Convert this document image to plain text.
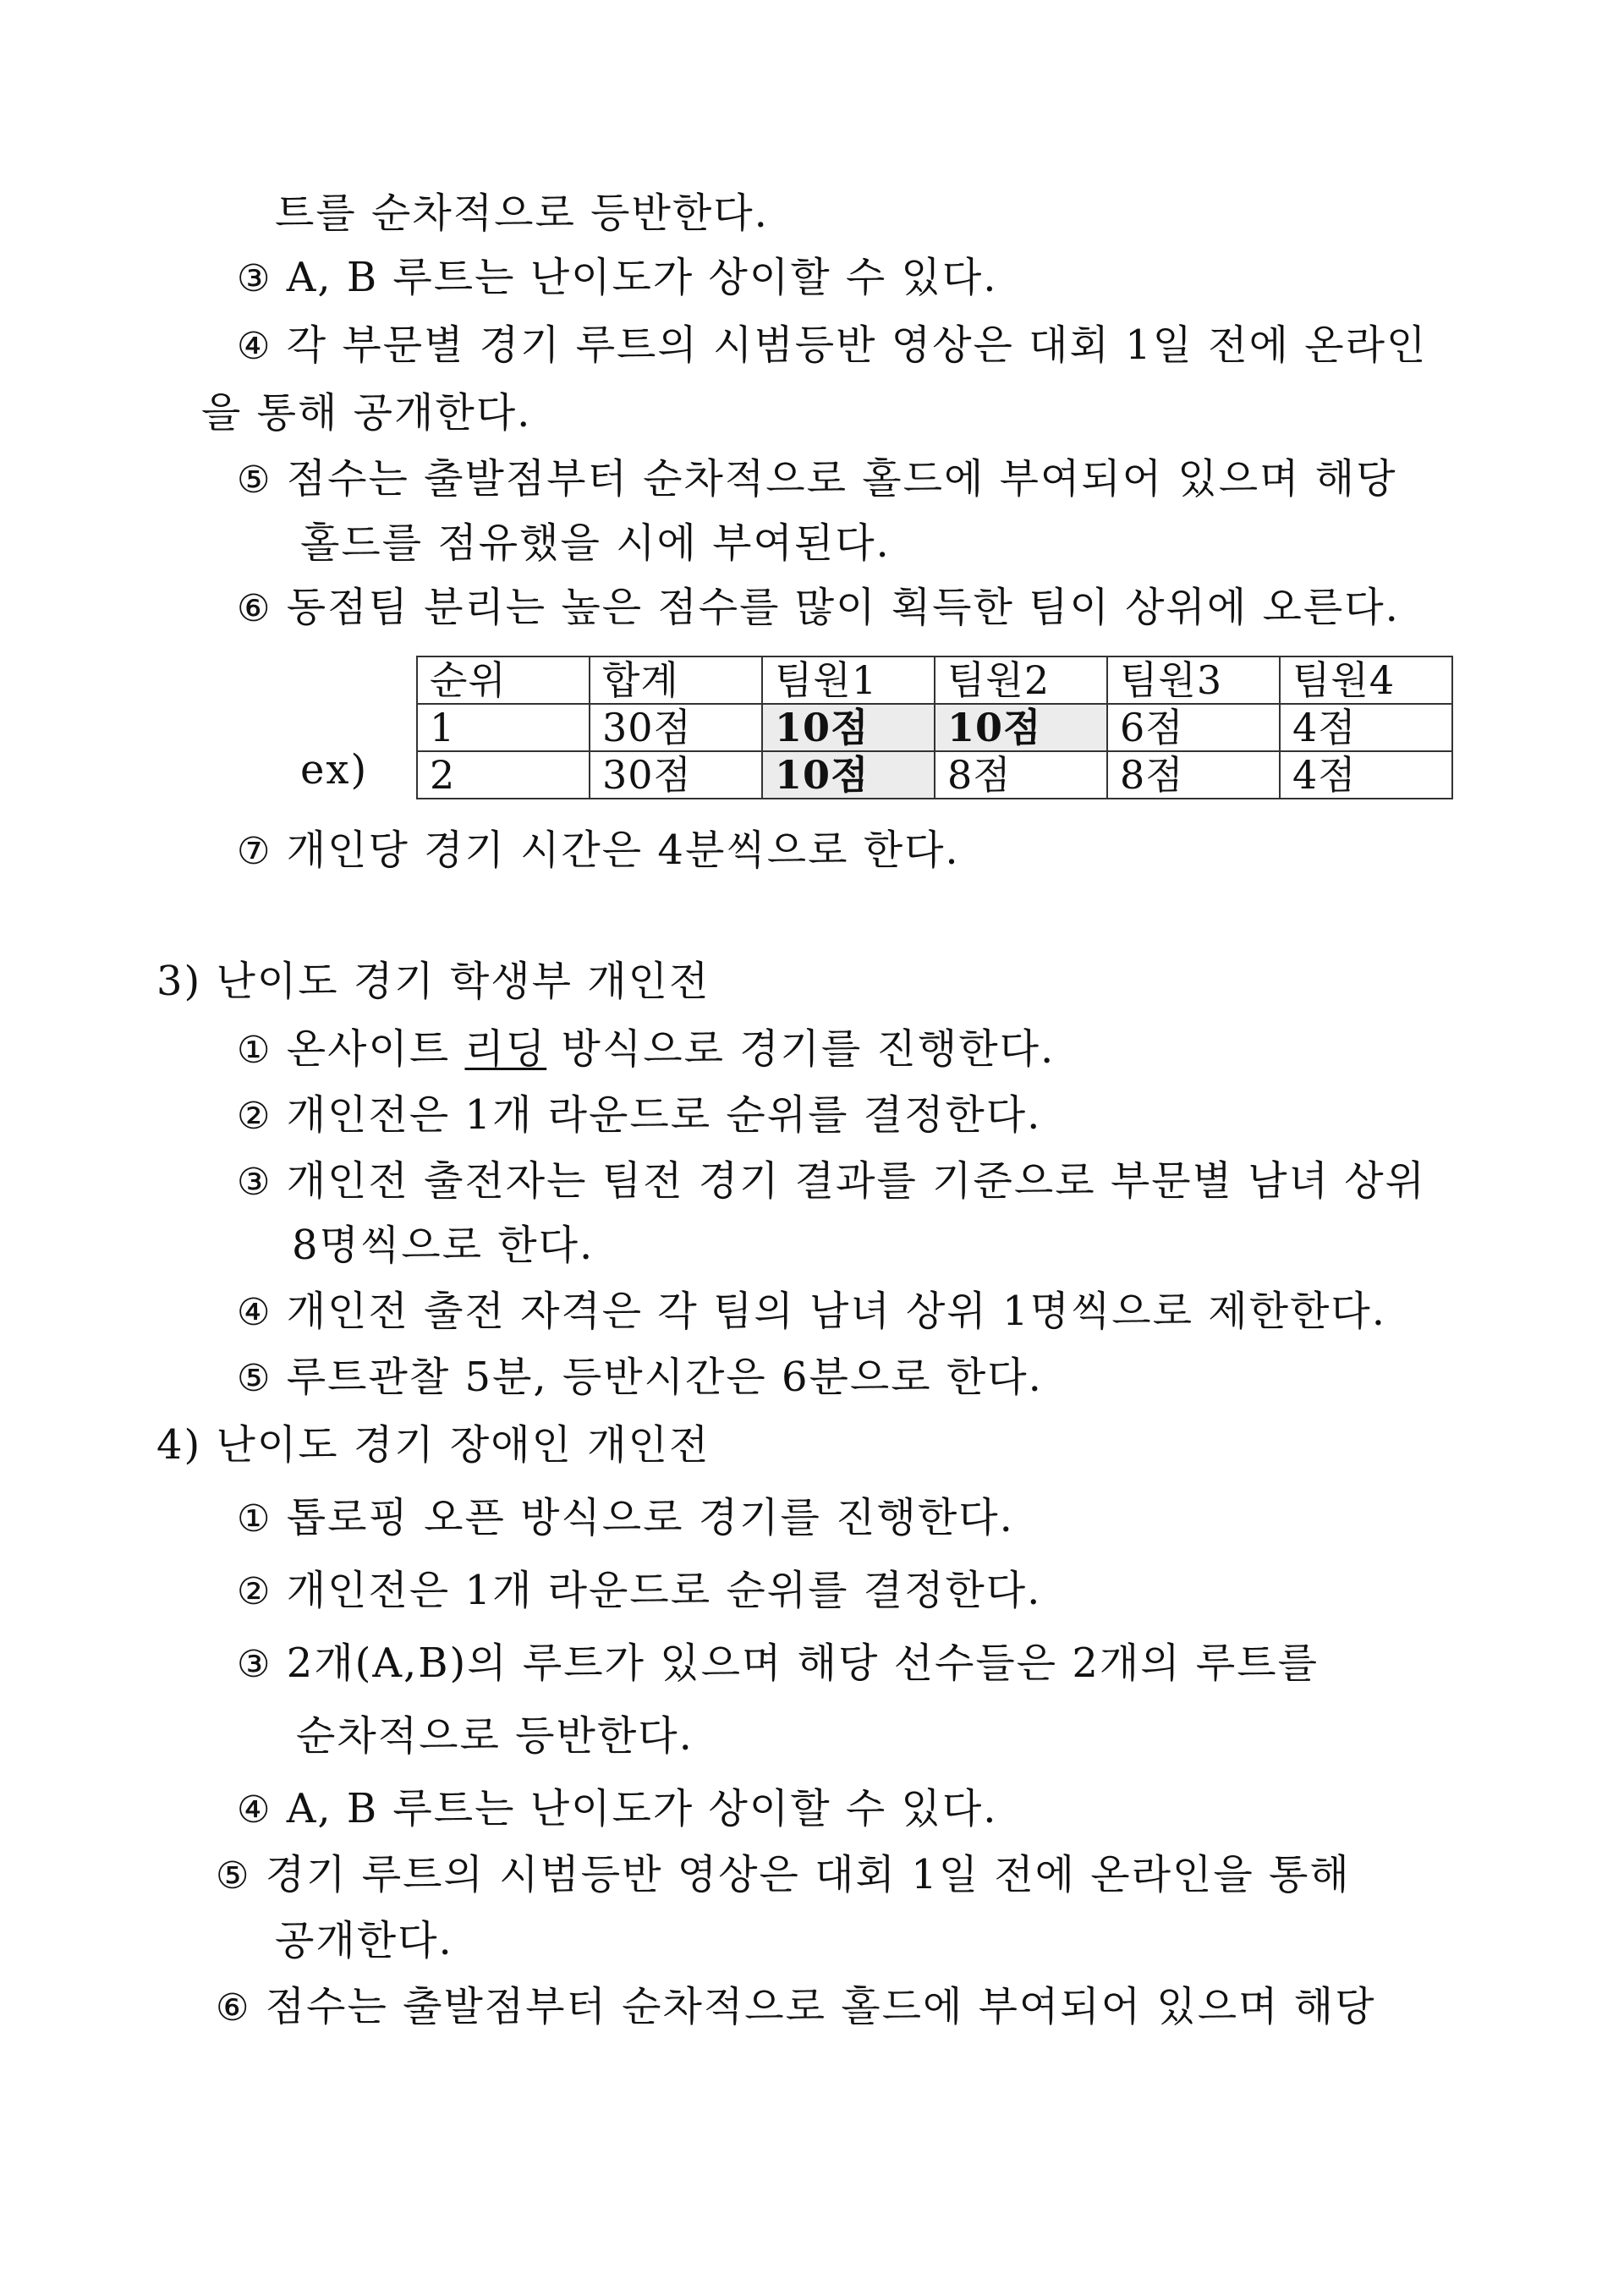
트를 순차적으로 등반한다.
③ A, B 루트는 난이도가 상이할 수 있다.
④ 각 부문별 경기 루트의 시범등반 영상은 대회 1일 전에 온라인
을 통해 공개한다.
⑤ 점수는 출발점부터 순차적으로 홀드에 부여되어 있으며 해당
홀드를 점유했을 시에 부여된다.
⑥ 동점팀 분리는 높은 점수를 많이 획득한 팀이 상위에 오른다.
ex)
순위	합계	팀원1	팀원2	팀원3	팀원4
1	30점	10점	10점	6점	4점
2	30점	10점	8점	8점	4점
⑦ 개인당 경기 시간은 4분씩으로 한다.
3) 난이도 경기 학생부 개인전
① 온사이트 리딩 방식으로 경기를 진행한다.
② 개인전은 1개 라운드로 순위를 결정한다.
③ 개인전 출전자는 팀전 경기 결과를 기준으로 부문별 남녀 상위
8명씩으로 한다.
④ 개인전 출전 자격은 각 팀의 남녀 상위 1명씩으로 제한한다.
⑤ 루트관찰 5분, 등반시간은 6분으로 한다.
4) 난이도 경기 장애인 개인전
① 톱로핑 오픈 방식으로 경기를 진행한다.
② 개인전은 1개 라운드로 순위를 결정한다.
③ 2개(A,B)의 루트가 있으며 해당 선수들은 2개의 루트를
순차적으로 등반한다.
④ A, B 루트는 난이도가 상이할 수 있다.
⑤ 경기 루트의 시범등반 영상은 대회 1일 전에 온라인을 통해
공개한다.
⑥ 점수는 출발점부터 순차적으로 홀드에 부여되어 있으며 해당
